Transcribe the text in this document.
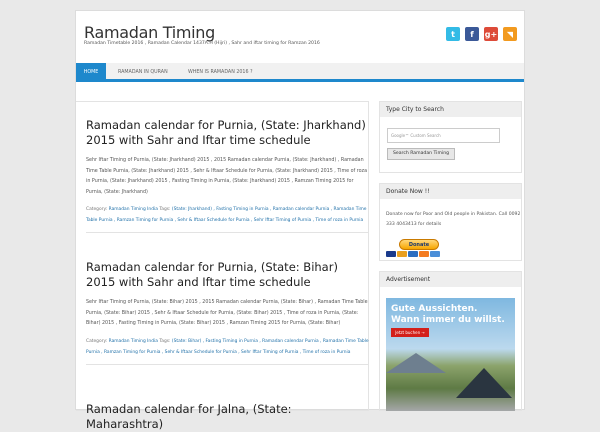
Ramadan Timing
Ramadan Timetable 2016 , Ramadan Calendar 1437A.H (Hijri) , Sahr and iftar timing for Ramzan 2016
t	f	g+	◥
HOME	RAMADAN IN QURAN	WHEN IS RAMADAN 2016 ?
Ramadan calendar for Purnia, (State: Jharkhand) 2015 with Sahr and Iftar time schedule
Sehr Iftar Timing of Purnia, (State: Jharkhand) 2015 , 2015 Ramadan calendar Purnia, (State: Jharkhand) , Ramadan Time Table Purnia, (State: Jharkhand) 2015 , Sehr & Iftaar Schedule for Purnia, (State: Jharkhand) 2015 , Time of roza in Purnia, (State: Jharkhand) 2015 , Fasting Timing in Purnia, (State: Jharkhand) 2015 , Ramzan Timing 2015 for Purnia, (State: Jharkhand)
Category: Ramadan Timing India Tags: (State: Jharkhand) , Fasting Timing in Purnia , Ramadan calendar Purnia , Ramadan Time Table Purnia , Ramzan Timing for Purnia , Sehr & Iftaar Schedule for Purnia , Sehr Iftar Timing of Purnia , Time of roza in Purnia
Ramadan calendar for Purnia, (State: Bihar) 2015 with Sahr and Iftar time schedule
Sehr Iftar Timing of Purnia, (State: Bihar) 2015 , 2015 Ramadan calendar Purnia, (State: Bihar) , Ramadan Time Table Purnia, (State: Bihar) 2015 , Sehr & Iftaar Schedule for Purnia, (State: Bihar) 2015 , Time of roza in Purnia, (State: Bihar) 2015 , Fasting Timing in Purnia, (State: Bihar) 2015 , Ramzan Timing 2015 for Purnia, (State: Bihar)
Category: Ramadan Timing India Tags: (State: Bihar) , Fasting Timing in Purnia , Ramadan calendar Purnia , Ramadan Time Table Purnia , Ramzan Timing for Purnia , Sehr & Iftaar Schedule for Purnia , Sehr Iftar Timing of Purnia , Time of roza in Purnia
Ramadan calendar for Jalna, (State: Maharashtra)
Type City to Search
Google™ Custom Search
Search Ramadan Timing
Donate Now !!
Donate now for Poor and Old people in Pakistan. Call 0092 333 4043413 for details
Donate
Advertisement
Gute Aussichten.
Wann immer du willst.
Jetzt buchen →
